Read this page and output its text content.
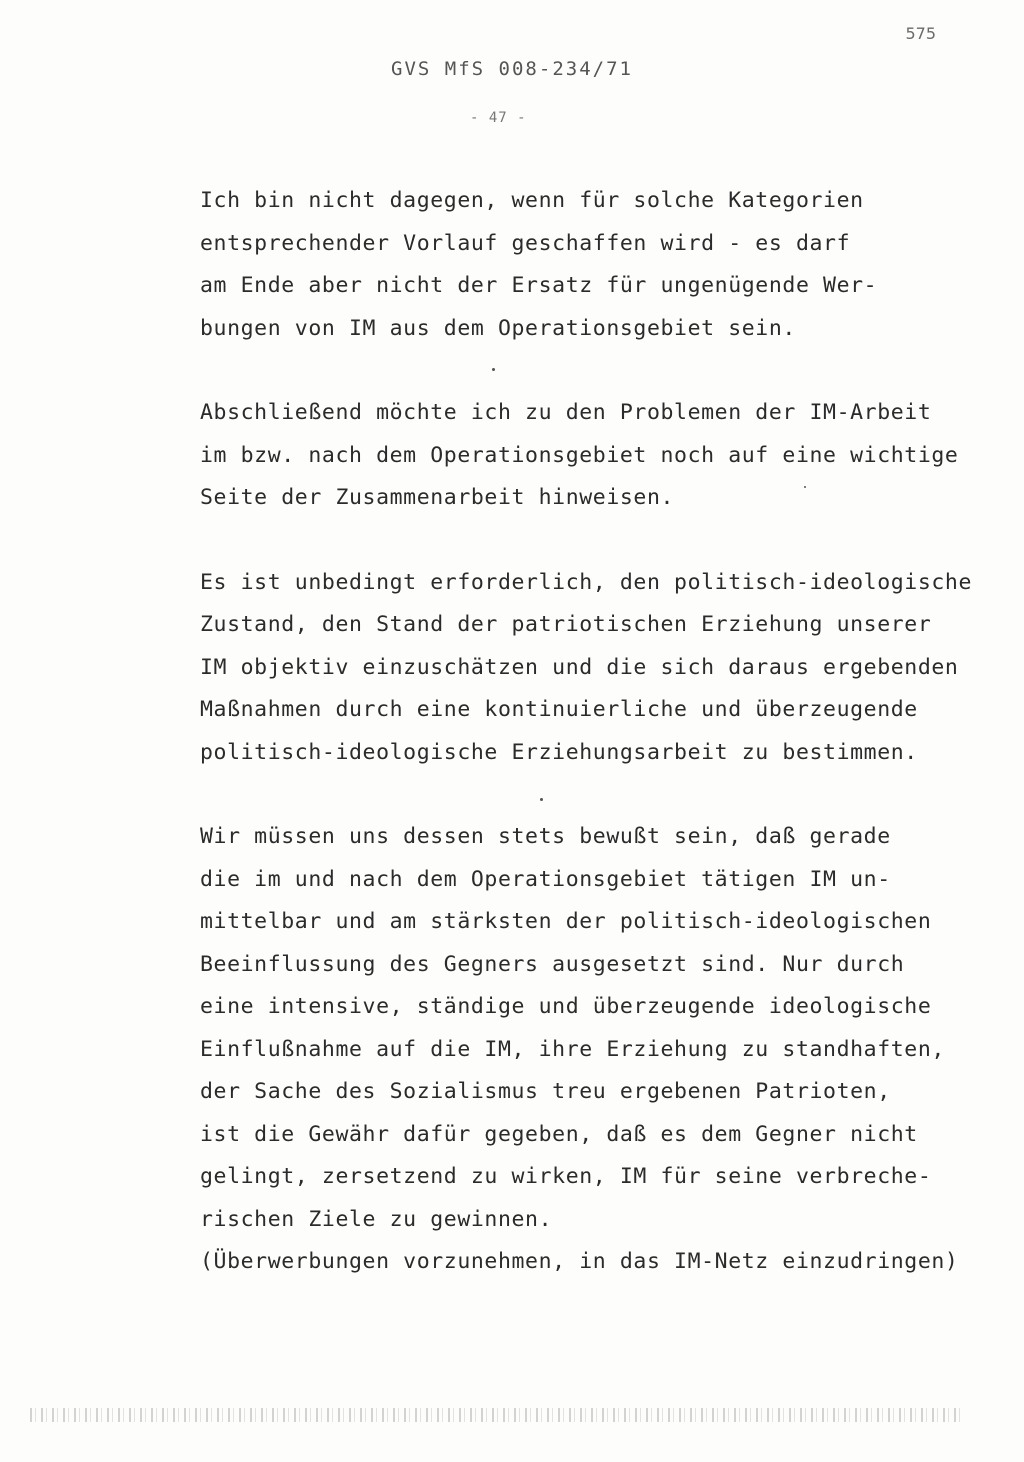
575
GVS MfS 008-234/71
- 47 -

Ich bin nicht dagegen, wenn für solche Kategorien
entsprechender Vorlauf geschaffen wird - es darf
am Ende aber nicht der Ersatz für ungenügende Wer-
bungen von IM aus dem Operationsgebiet sein.

Abschließend möchte ich zu den Problemen der IM-Arbeit
im bzw. nach dem Operationsgebiet noch auf eine wichtige
Seite der Zusammenarbeit hinweisen.

Es ist unbedingt erforderlich, den politisch-ideologische
Zustand, den Stand der patriotischen Erziehung unserer
IM objektiv einzuschätzen und die sich daraus ergebenden
Maßnahmen durch eine kontinuierliche und überzeugende
politisch-ideologische Erziehungsarbeit zu bestimmen.

Wir müssen uns dessen stets bewußt sein, daß gerade
die im und nach dem Operationsgebiet tätigen IM un-
mittelbar und am stärksten der politisch-ideologischen
Beeinflussung des Gegners ausgesetzt sind. Nur durch
eine intensive, ständige und überzeugende ideologische
Einflußnahme auf die IM, ihre Erziehung zu standhaften,
der Sache des Sozialismus treu ergebenen Patrioten,
ist die Gewähr dafür gegeben, daß es dem Gegner nicht
gelingt, zersetzend zu wirken, IM für seine verbreche-
rischen Ziele zu gewinnen.
(Überwerbungen vorzunehmen, in das IM-Netz einzudringen)
